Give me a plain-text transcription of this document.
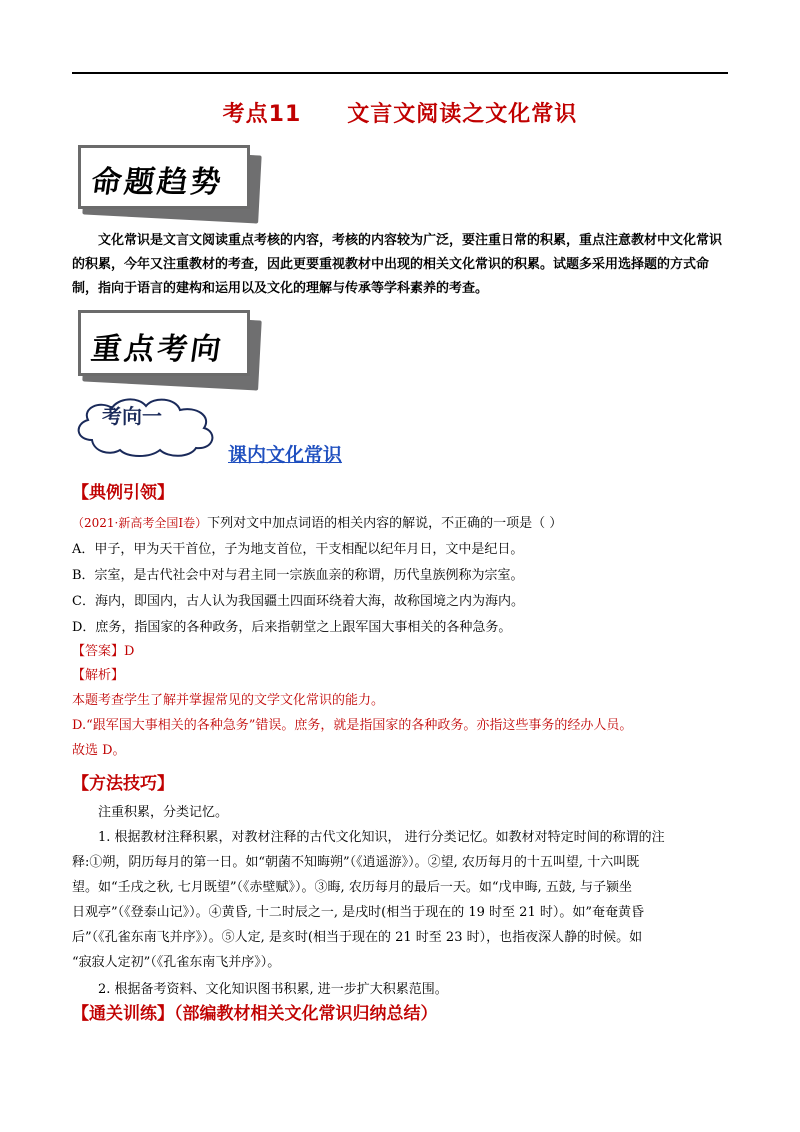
考点11 文言文阅读之文化常识
命题趋势

文化常识是文言文阅读重点考核的内容，考核的内容较为广泛，要注重日常的积累，重点注意教材中文化常识的积累，今年又注重教材的考查，因此更要重视教材中出现的相关文化常识的积累。试题多采用选择题的方式命制，指向于语言的建构和运用以及文化的理解与传承等学科素养的考查。

重点考向
考向一
课内文化常识
【典例引领】
（2021·新高考全国Ⅰ卷）下列对文中加点词语的相关内容的解说，不正确的一项是（ ）
A．甲子，甲为天干首位，子为地支首位，干支相配以纪年月日，文中是纪日。
B．宗室，是古代社会中对与君主同一宗族血亲的称谓，历代皇族例称为宗室。
C．海内，即国内，古人认为我国疆土四面环绕着大海，故称国境之内为海内。
D．庶务，指国家的各种政务，后来指朝堂之上跟军国大事相关的各种急务。
【答案】D
【解析】
本题考查学生了解并掌握常见的文学文化常识的能力。
D.“跟军国大事相关的各种急务”错误。庶务，就是指国家的各种政务。亦指这些事务的经办人员。
故选 D。
【方法技巧】

注重积累，分类记忆。

1. 根据教材注释积累，对教材注释的古代文化知识， 进行分类记忆。如教材对特定时间的称谓的注

释:①朔，阴历每月的第一日。如“朝菌不知晦朔”（《逍遥游》）。②望, 农历每月的十五叫望, 十六叫既

望。如“壬戌之秋, 七月既望”（《赤壁赋》）。③晦, 农历每月的最后一天。如“戊申晦, 五鼓, 与子颍坐

日观亭”（《登泰山记》）。④黄昏, 十二时辰之一, 是戌时(相当于现在的 19 时至 21 时）。如”奄奄黄昏

后”（《孔雀东南飞并序》）。⑤人定, 是亥时(相当于现在的 21 时至 23 时），也指夜深人静的时候。如

“寂寂人定初”（《孔雀东南飞并序》）。

2. 根据备考资料、文化知识图书积累, 进一步扩大积累范围。

【通关训练】（部编教材相关文化常识归纳总结）
